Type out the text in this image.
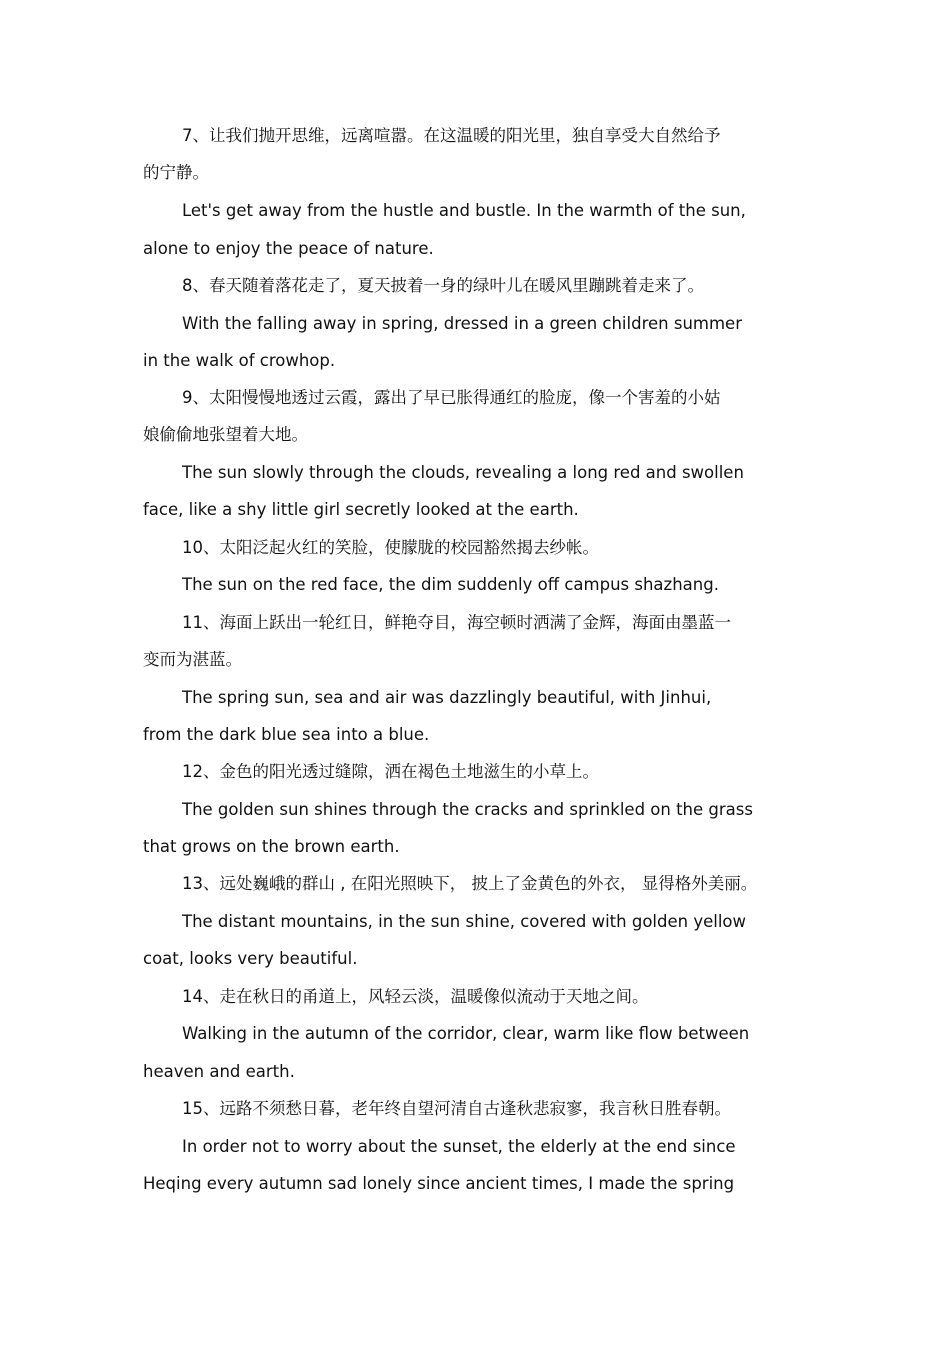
7、让我们抛开思维，远离喧嚣。在这温暖的阳光里，独自享受大自然给予
的宁静。
Let's get away from the hustle and bustle. In the warmth of the sun,
alone to enjoy the peace of nature.
8、春天随着落花走了，夏天披着一身的绿叶儿在暖风里蹦跳着走来了。
With the falling away in spring, dressed in a green children summer
in the walk of crowhop.
9、太阳慢慢地透过云霞，露出了早已胀得通红的脸庞，像一个害羞的小姑
娘偷偷地张望着大地。
The sun slowly through the clouds, revealing a long red and swollen
face, like a shy little girl secretly looked at the earth.
10、太阳泛起火红的笑脸，使朦胧的校园豁然揭去纱帐。
The sun on the red face, the dim suddenly off campus shazhang.
11、海面上跃出一轮红日，鲜艳夺目，海空顿时洒满了金辉，海面由墨蓝一
变而为湛蓝。
The spring sun, sea and air was dazzlingly beautiful, with Jinhui,
from the dark blue sea into a blue.
12、金色的阳光透过缝隙，洒在褐色土地滋生的小草上。
The golden sun shines through the cracks and sprinkled on the grass
that grows on the brown earth.
13、远处巍峨的群山 , 在阳光照映下， 披上了金黄色的外衣， 显得格外美丽。
The distant mountains, in the sun shine, covered with golden yellow
coat, looks very beautiful.
14、走在秋日的甬道上，风轻云淡，温暖像似流动于天地之间。
Walking in the autumn of the corridor, clear, warm like flow between
heaven and earth.
15、远路不须愁日暮，老年终自望河清自古逢秋悲寂寥，我言秋日胜春朝。
In order not to worry about the sunset, the elderly at the end since
Heqing every autumn sad lonely since ancient times, I made the spring
